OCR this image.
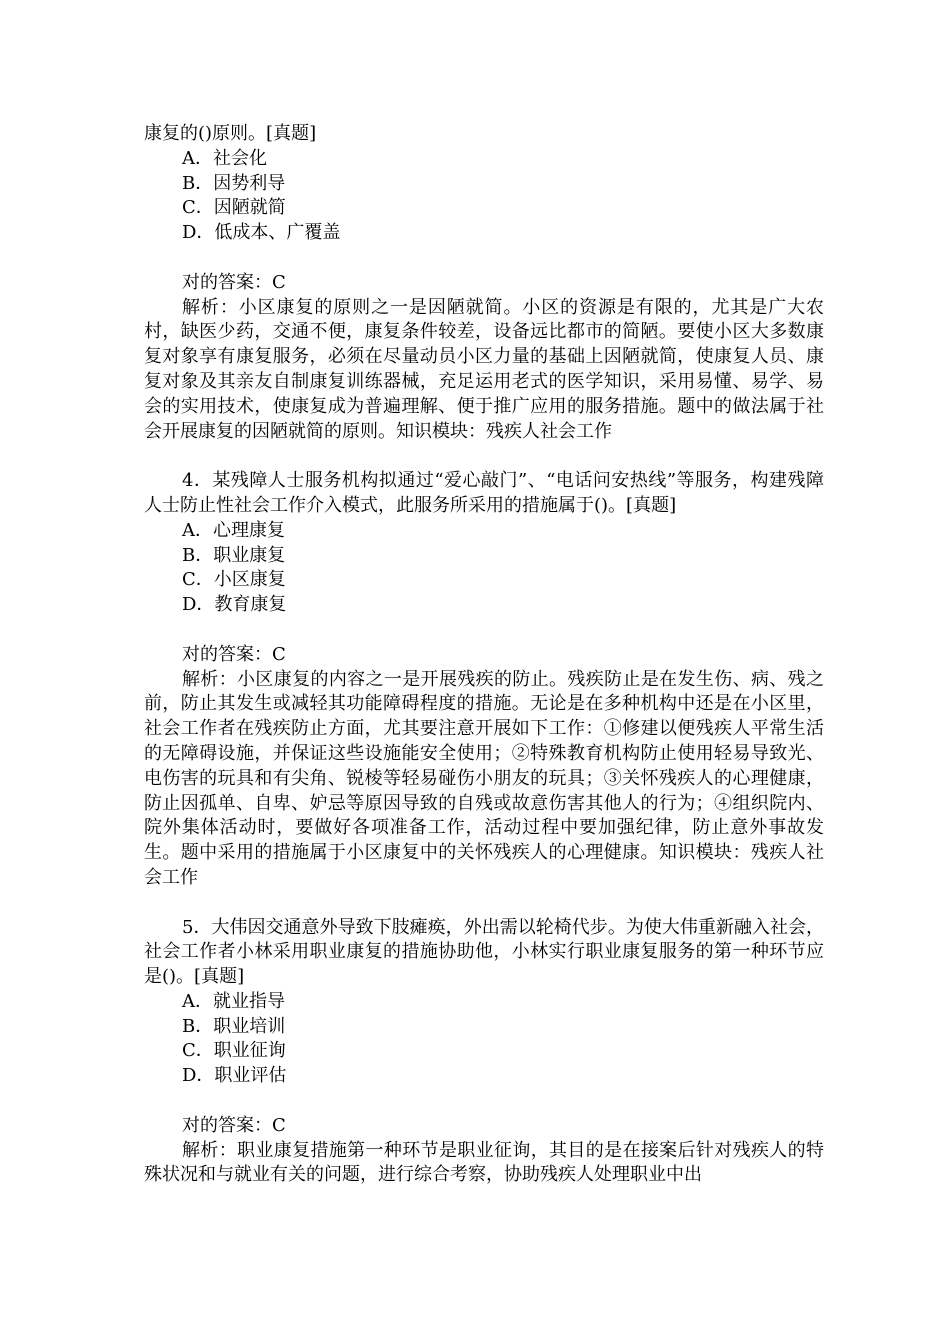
康复的()原则。[真题]

A．社会化

B．因势利导

C．因陋就简

D．低成本、广覆盖

对的答案：C

解析：小区康复的原则之一是因陋就简。小区的资源是有限的，尤其是广大农村，缺医少药，交通不便，康复条件较差，设备远比都市的简陋。要使小区大多数康复对象享有康复服务，必须在尽量动员小区力量的基础上因陋就简，使康复人员、康复对象及其亲友自制康复训练器械，充足运用老式的医学知识，采用易懂、易学、易会的实用技术，使康复成为普遍理解、便于推广应用的服务措施。题中的做法属于社会开展康复的因陋就简的原则。知识模块：残疾人社会工作

4．某残障人士服务机构拟通过“爱心敲门”、“电话问安热线”等服务，构建残障人士防止性社会工作介入模式，此服务所采用的措施属于()。[真题]

A．心理康复

B．职业康复

C．小区康复

D．教育康复

对的答案：C

解析：小区康复的内容之一是开展残疾的防止。残疾防止是在发生伤、病、残之前，防止其发生或减轻其功能障碍程度的措施。无论是在多种机构中还是在小区里，社会工作者在残疾防止方面，尤其要注意开展如下工作：①修建以便残疾人平常生活的无障碍设施，并保证这些设施能安全使用；②特殊教育机构防止使用轻易导致光、电伤害的玩具和有尖角、锐棱等轻易碰伤小朋友的玩具；③关怀残疾人的心理健康，防止因孤单、自卑、妒忌等原因导致的自残或故意伤害其他人的行为；④组织院内、院外集体活动时，要做好各项准备工作，活动过程中要加强纪律，防止意外事故发生。题中采用的措施属于小区康复中的关怀残疾人的心理健康。知识模块：残疾人社会工作

5．大伟因交通意外导致下肢瘫痪，外出需以轮椅代步。为使大伟重新融入社会，社会工作者小林采用职业康复的措施协助他，小林实行职业康复服务的第一种环节应是()。[真题]

A．就业指导

B．职业培训

C．职业征询

D．职业评估

对的答案：C

解析：职业康复措施第一种环节是职业征询，其目的是在接案后针对残疾人的特殊状况和与就业有关的问题，进行综合考察，协助残疾人处理职业中出
